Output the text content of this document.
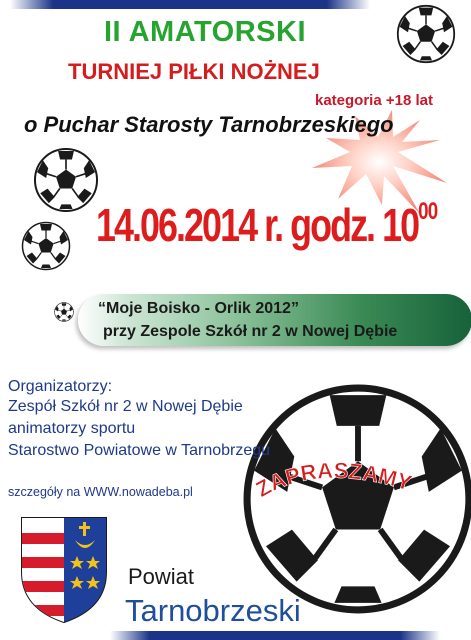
ZAPRASZAMY
II AMATORSKI
TURNIEJ PIŁKI NOŻNEJ
kategoria +18 lat
o Puchar Starosty Tarnobrzeskiego
14.06.2014 r. godz. $10^{00}$
“Moje Boisko - Orlik 2012”
przy Zespole Szkół nr 2 w Nowej Dębie
Organizatorzy:
Zespół Szkół nr 2 w Nowej Dębie
animatorzy sportu
Starostwo Powiatowe w Tarnobrzegu
szczegóły na WWW.nowadeba.pl
Powiat
Tarnobrzeski
